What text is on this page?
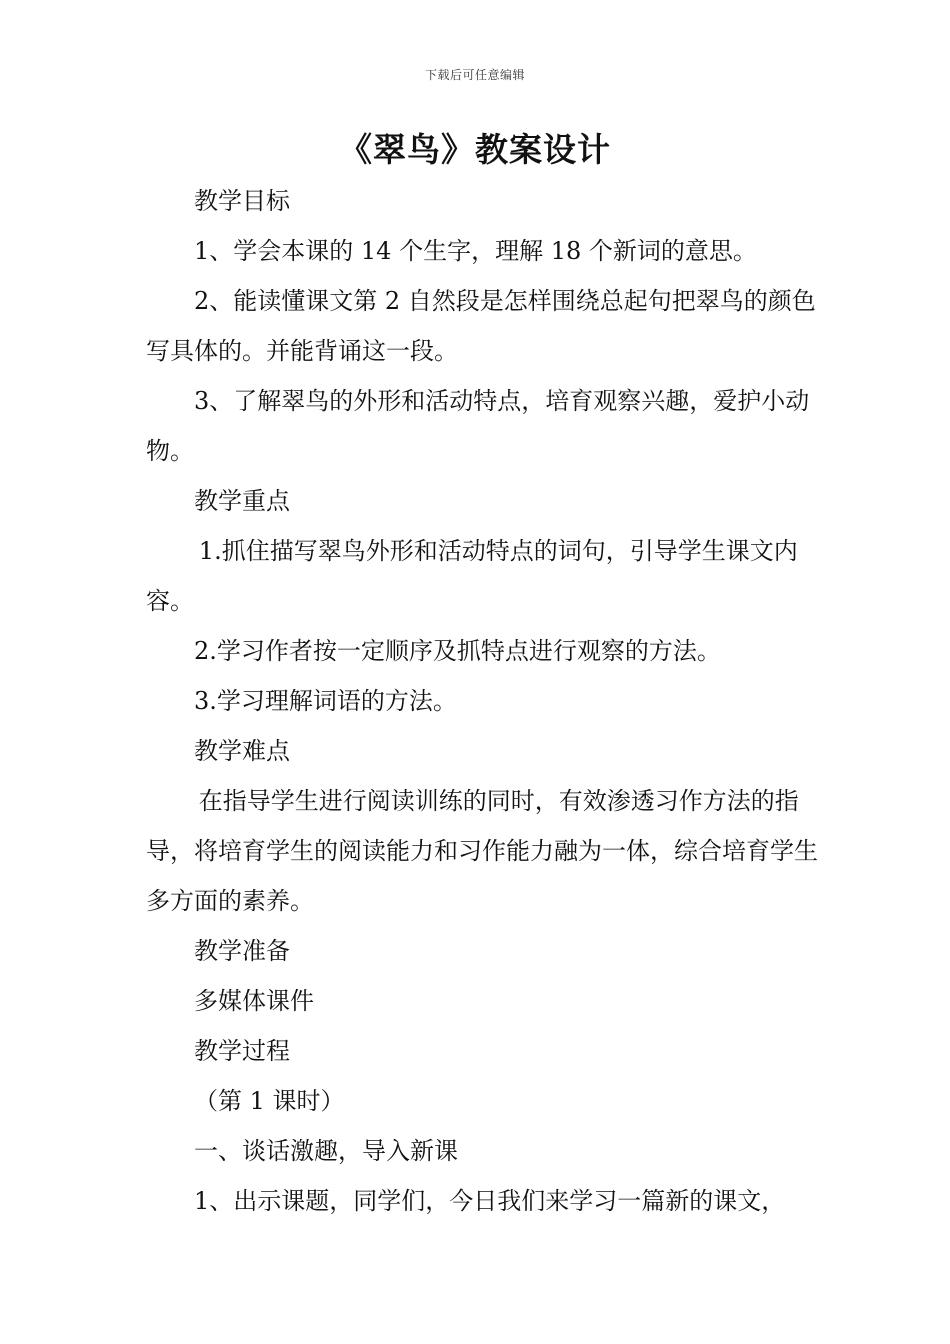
下载后可任意编辑
《翠鸟》教案设计

教学目标

1、学会本课的 14 个生字，理解 18 个新词的意思。

2、能读懂课文第 2 自然段是怎样围绕总起句把翠鸟的颜色写具体的。并能背诵这一段。

3、了解翠鸟的外形和活动特点，培育观察兴趣，爱护小动物。

教学重点

1.抓住描写翠鸟外形和活动特点的词句，引导学生课文内容。

2.学习作者按一定顺序及抓特点进行观察的方法。

3.学习理解词语的方法。

教学难点

在指导学生进行阅读训练的同时，有效渗透习作方法的指导，将培育学生的阅读能力和习作能力融为一体，综合培育学生多方面的素养。

教学准备

多媒体课件

教学过程

（第 1 课时）

一、谈话激趣，导入新课

1、出示课题，同学们，今日我们来学习一篇新的课文，
